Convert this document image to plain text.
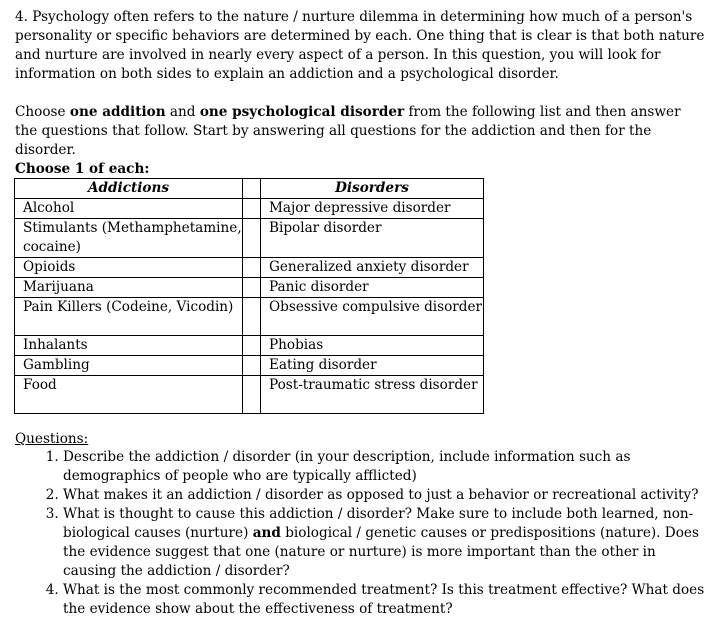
4. Psychology often refers to the nature / nurture dilemma in determining how much of a person's personality or specific behaviors are determined by each. One thing that is clear is that both nature and nurture are involved in nearly every aspect of a person. In this question, you will look for information on both sides to explain an addiction and a psychological disorder.

Choose one addition and one psychological disorder from the following list and then answer the questions that follow. Start by answering all questions for the addiction and then for the disorder.

Choose 1 of each:
Addictions		Disorders
Alcohol		Major depressive disorder
Stimulants (Methamphetamine, cocaine)		Bipolar disorder
Opioids		Generalized anxiety disorder
Marijuana		Panic disorder
Pain Killers (Codeine, Vicodin)		Obsessive compulsive disorder
Inhalants		Phobias
Gambling		Eating disorder
Food		Post-traumatic stress disorder
Questions:
1. Describe the addiction / disorder (in your description, include information such as demographics of people who are typically afflicted)
2. What makes it an addiction / disorder as opposed to just a behavior or recreational activity?
3. What is thought to cause this addiction / disorder? Make sure to include both learned, non-biological causes (nurture) and biological / genetic causes or predispositions (nature). Does the evidence suggest that one (nature or nurture) is more important than the other in causing the addiction / disorder?
4. What is the most commonly recommended treatment? Is this treatment effective? What does the evidence show about the effectiveness of treatment?
